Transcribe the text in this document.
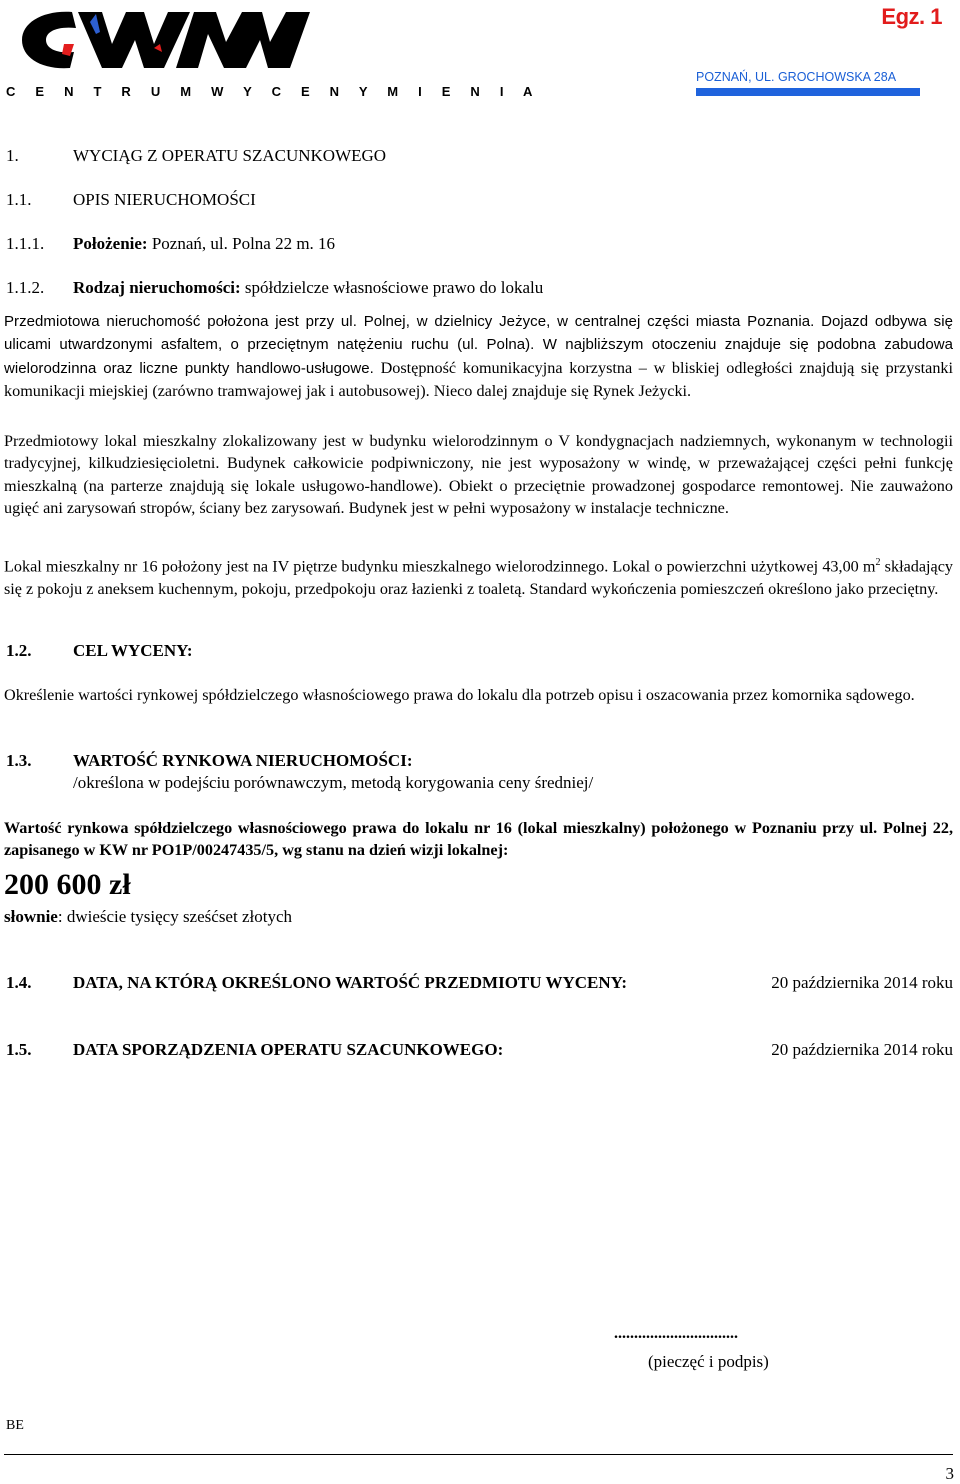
C E N T R U M W Y C E N Y M I E N I A
Egz. 1
POZNAŃ, UL. GROCHOWSKA 28A
1.	WYCIĄG Z OPERATU SZACUNKOWEGO
1.1. OPIS NIERUCHOMOŚCI
1.1.1. Położenie: Poznań, ul. Polna 22 m. 16
1.1.2. Rodzaj nieruchomości: spółdzielcze własnościowe prawo do lokalu

Przedmiotowa nieruchomość położona jest przy ul. Polnej, w dzielnicy Jeżyce, w centralnej części miasta Poznania. Dojazd odbywa się ulicami utwardzonymi asfaltem, o przeciętnym natężeniu ruchu (ul. Polna). W najbliższym otoczeniu znajduje się podobna zabudowa wielorodzinna oraz liczne punkty handlowo-usługowe. Dostępność komunikacyjna korzystna – w bliskiej odległości znajdują się przystanki komunikacji miejskiej (zarówno tramwajowej jak i autobusowej). Nieco dalej znajduje się Rynek Jeżycki.

Przedmiotowy lokal mieszkalny zlokalizowany jest w budynku wielorodzinnym o V kondygnacjach nadziemnych, wykonanym w technologii tradycyjnej, kilkudziesięcioletni. Budynek całkowicie podpiwniczony, nie jest wyposażony w windę, w przeważającej części pełni funkcję mieszkalną (na parterze znajdują się lokale usługowo-handlowe). Obiekt o przeciętnie prowadzonej gospodarce remontowej. Nie zauważono ugięć ani zarysowań stropów, ściany bez zarysowań. Budynek jest w pełni wyposażony w instalacje techniczne.

Lokal mieszkalny nr 16 położony jest na IV piętrze budynku mieszkalnego wielorodzinnego. Lokal o powierzchni użytkowej 43,00 $m^2$ składający się z pokoju z aneksem kuchennym, pokoju, przedpokoju oraz łazienki z toaletą. Standard wykończenia pomieszczeń określono jako przeciętny.

1.2. CEL WYCENY:

Określenie wartości rynkowej spółdzielczego własnościowego prawa do lokalu dla potrzeb opisu i oszacowania przez komornika sądowego.

1.3. WARTOŚĆ RYNKOWA NIERUCHOMOŚCI:
/określona w podejściu porównawczym, metodą korygowania ceny średniej/

Wartość rynkowa spółdzielczego własnościowego prawa do lokalu nr 16 (lokal mieszkalny) położonego w Poznaniu przy ul. Polnej 22, zapisanego w KW nr PO1P/00247435/5, wg stanu na dzień wizji lokalnej:

200 600 zł
słownie: dwieście tysięcy sześćset złotych
1.4. DATA, NA KTÓRĄ OKREŚLONO WARTOŚĆ PRZEDMIOTU WYCENY:	20 października 2014 roku
1.5. DATA SPORZĄDZENIA OPERATU SZACUNKOWEGO:	20 października 2014 roku
...............................
(pieczęć i podpis)
BE
3
